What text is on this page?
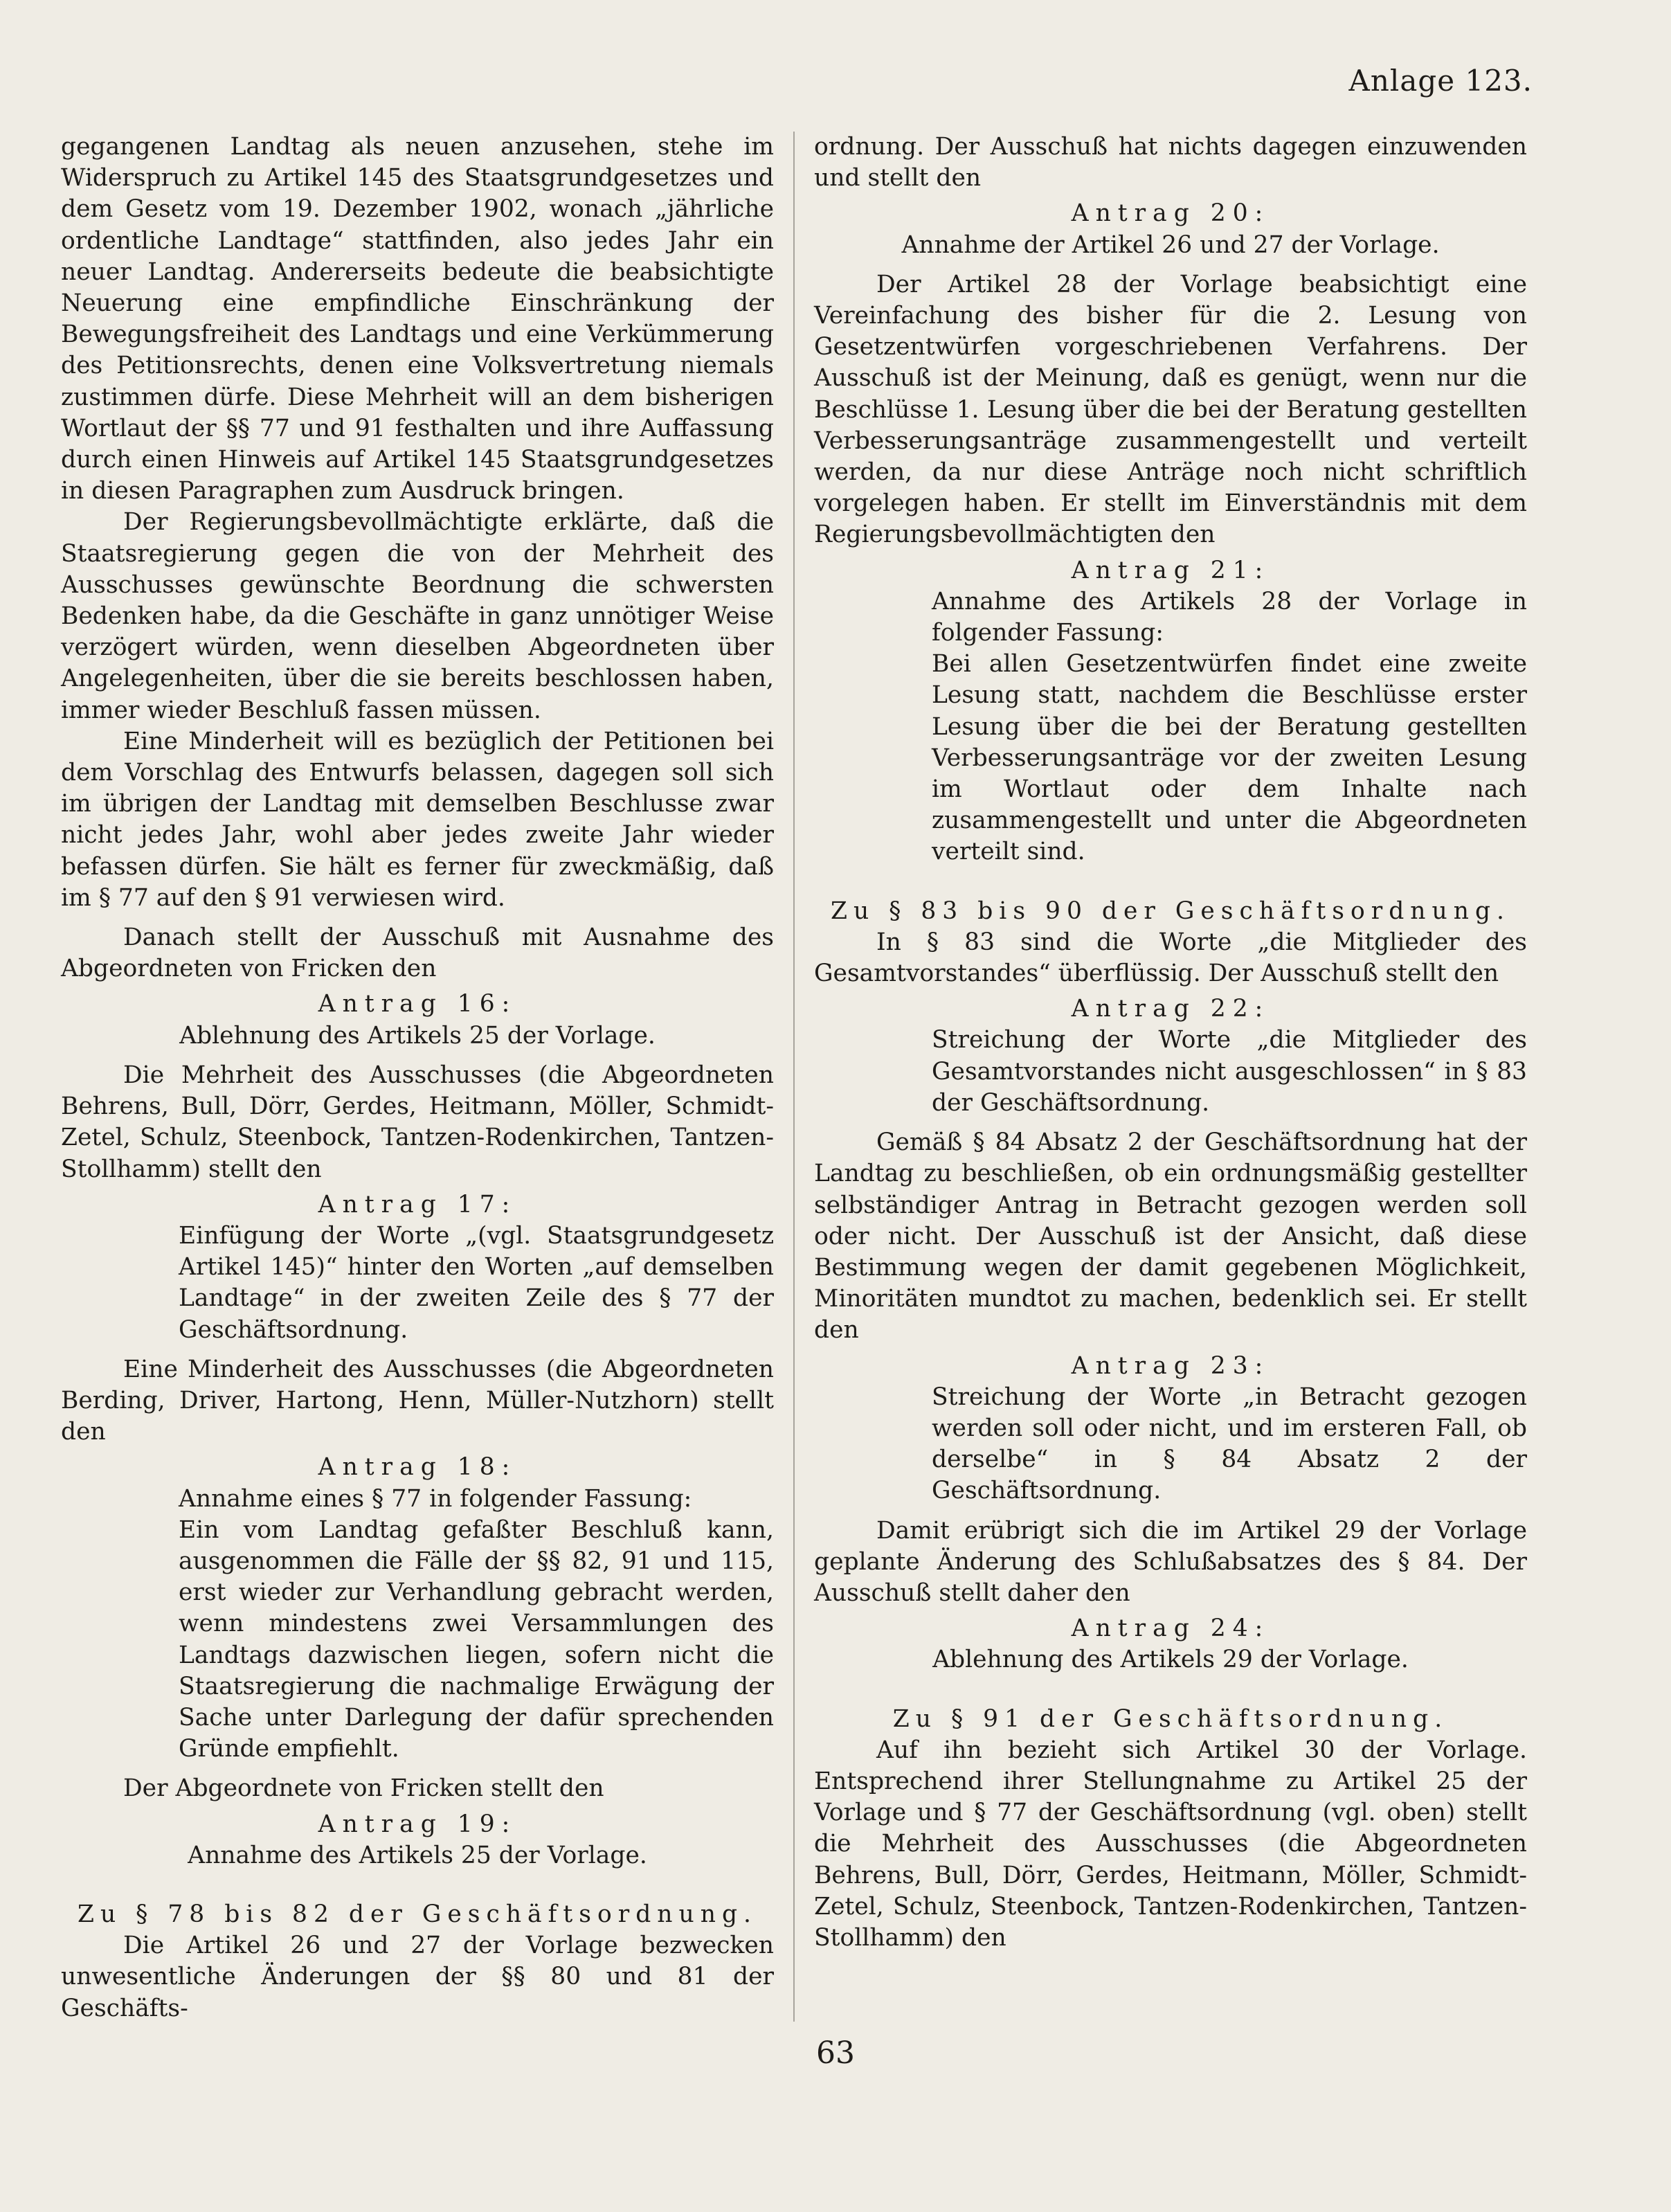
Anlage 123.

gegangenen Landtag als neuen anzusehen, stehe im Widerspruch zu Artikel 145 des Staatsgrundgesetzes und dem Gesetz vom 19. Dezember 1902, wonach „jährliche ordentliche Landtage“ stattfinden, also jedes Jahr ein neuer Landtag. Andererseits bedeute die beabsichtigte Neuerung eine empfindliche Einschränkung der Bewegungsfreiheit des Landtags und eine Verkümmerung des Petitionsrechts, denen eine Volksvertretung niemals zustimmen dürfe. Diese Mehrheit will an dem bisherigen Wortlaut der §§ 77 und 91 festhalten und ihre Auffassung durch einen Hinweis auf Artikel 145 Staatsgrundgesetzes in diesen Paragraphen zum Ausdruck bringen.

Der Regierungsbevollmächtigte erklärte, daß die Staatsregierung gegen die von der Mehrheit des Ausschusses gewünschte Beordnung die schwersten Bedenken habe, da die Geschäfte in ganz unnötiger Weise verzögert würden, wenn dieselben Abgeordneten über Angelegenheiten, über die sie bereits beschlossen haben, immer wieder Beschluß fassen müssen.

Eine Minderheit will es bezüglich der Petitionen bei dem Vorschlag des Entwurfs belassen, dagegen soll sich im übrigen der Landtag mit demselben Beschlusse zwar nicht jedes Jahr, wohl aber jedes zweite Jahr wieder befassen dürfen. Sie hält es ferner für zweckmäßig, daß im § 77 auf den § 91 verwiesen wird.

Danach stellt der Ausschuß mit Ausnahme des Abgeordneten von Fricken den

Antrag 16:

Ablehnung des Artikels 25 der Vorlage.

Die Mehrheit des Ausschusses (die Abgeordneten Behrens, Bull, Dörr, Gerdes, Heitmann, Möller, Schmidt-Zetel, Schulz, Steenbock, Tantzen-Rodenkirchen, Tantzen-Stollhamm) stellt den

Antrag 17:

Einfügung der Worte „(vgl. Staatsgrundgesetz Artikel 145)“ hinter den Worten „auf demselben Landtage“ in der zweiten Zeile des § 77 der Geschäftsordnung.

Eine Minderheit des Ausschusses (die Abgeordneten Berding, Driver, Hartong, Henn, Müller-Nutzhorn) stellt den

Antrag 18:

Annahme eines § 77 in folgender Fassung:

Ein vom Landtag gefaßter Beschluß kann, ausgenommen die Fälle der §§ 82, 91 und 115, erst wieder zur Verhandlung gebracht werden, wenn mindestens zwei Versammlungen des Landtags dazwischen liegen, sofern nicht die Staatsregierung die nachmalige Erwägung der Sache unter Darlegung der dafür sprechenden Gründe empfiehlt.

Der Abgeordnete von Fricken stellt den

Antrag 19:

Annahme des Artikels 25 der Vorlage.

Zu § 78 bis 82 der Geschäftsordnung.

Die Artikel 26 und 27 der Vorlage bezwecken unwesentliche Änderungen der §§ 80 und 81 der Geschäfts-

ordnung. Der Ausschuß hat nichts dagegen einzuwenden und stellt den

Antrag 20:

Annahme der Artikel 26 und 27 der Vorlage.

Der Artikel 28 der Vorlage beabsichtigt eine Vereinfachung des bisher für die 2. Lesung von Gesetzentwürfen vorgeschriebenen Verfahrens. Der Ausschuß ist der Meinung, daß es genügt, wenn nur die Beschlüsse 1. Lesung über die bei der Beratung gestellten Verbesserungsanträge zusammengestellt und verteilt werden, da nur diese Anträge noch nicht schriftlich vorgelegen haben. Er stellt im Einverständnis mit dem Regierungsbevollmächtigten den

Antrag 21:

Annahme des Artikels 28 der Vorlage in folgender Fassung:

Bei allen Gesetzentwürfen findet eine zweite Lesung statt, nachdem die Beschlüsse erster Lesung über die bei der Beratung gestellten Verbesserungsanträge vor der zweiten Lesung im Wortlaut oder dem Inhalte nach zusammengestellt und unter die Abgeordneten verteilt sind.

Zu § 83 bis 90 der Geschäftsordnung.

In § 83 sind die Worte „die Mitglieder des Gesamtvorstandes“ überflüssig. Der Ausschuß stellt den

Antrag 22:

Streichung der Worte „die Mitglieder des Gesamtvorstandes nicht ausgeschlossen“ in § 83 der Geschäftsordnung.

Gemäß § 84 Absatz 2 der Geschäftsordnung hat der Landtag zu beschließen, ob ein ordnungsmäßig gestellter selbständiger Antrag in Betracht gezogen werden soll oder nicht. Der Ausschuß ist der Ansicht, daß diese Bestimmung wegen der damit gegebenen Möglichkeit, Minoritäten mundtot zu machen, bedenklich sei. Er stellt den

Antrag 23:

Streichung der Worte „in Betracht gezogen werden soll oder nicht, und im ersteren Fall, ob derselbe“ in § 84 Absatz 2 der Geschäftsordnung.

Damit erübrigt sich die im Artikel 29 der Vorlage geplante Änderung des Schlußabsatzes des § 84. Der Ausschuß stellt daher den

Antrag 24:

Ablehnung des Artikels 29 der Vorlage.

Zu § 91 der Geschäftsordnung.

Auf ihn bezieht sich Artikel 30 der Vorlage. Entsprechend ihrer Stellungnahme zu Artikel 25 der Vorlage und § 77 der Geschäftsordnung (vgl. oben) stellt die Mehrheit des Ausschusses (die Abgeordneten Behrens, Bull, Dörr, Gerdes, Heitmann, Möller, Schmidt-Zetel, Schulz, Steenbock, Tantzen-Rodenkirchen, Tantzen-Stollhamm) den

63
